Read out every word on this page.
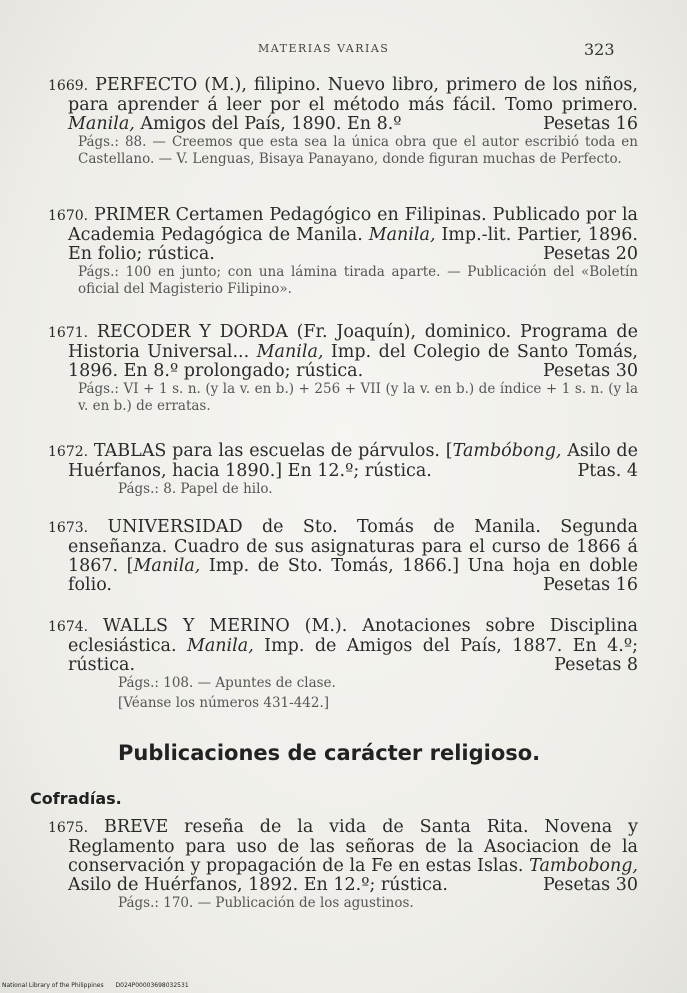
MATERIAS VARIAS	323

1669. PERFECTO (M.), filipino. Nuevo libro, primero de los niños, para aprender á leer por el método más fácil. Tomo primero. Manila, Amigos del País, 1890. En 8.º	Pesetas 16

Págs.: 88. — Creemos que esta sea la única obra que el autor escribió toda en Castellano. — V. Lenguas, Bisaya Panayano, donde figuran muchas de Perfecto.

1670. PRIMER Certamen Pedagógico en Filipinas. Publicado por la Academia Pedagógica de Manila. Manila, Imp.-lit. Partier, 1896. En folio; rústica.	Pesetas 20

Págs.: 100 en junto; con una lámina tirada aparte. — Publicación del «Boletín oficial del Magisterio Filipino».

1671. RECODER Y DORDA (Fr. Joaquín), dominico. Programa de Historia Universal... Manila, Imp. del Colegio de Santo Tomás, 1896. En 8.º prolongado; rústica.	Pesetas 30

Págs.: VI + 1 s. n. (y la v. en b.) + 256 + VII (y la v. en b.) de índice + 1 s. n. (y la v. en b.) de erratas.

1672. TABLAS para las escuelas de párvulos. [Tambóbong, Asilo de Huérfanos, hacia 1890.] En 12.º; rústica.	Ptas. 4

Págs.: 8. Papel de hilo.

1673. UNIVERSIDAD de Sto. Tomás de Manila. Segunda enseñanza. Cuadro de sus asignaturas para el curso de 1866 á 1867. [Manila, Imp. de Sto. Tomás, 1866.] Una hoja en doble folio.	Pesetas 16

1674. WALLS Y MERINO (M.). Anotaciones sobre Disciplina eclesiástica. Manila, Imp. de Amigos del País, 1887. En 4.º; rústica.	Pesetas 8

Págs.: 108. — Apuntes de clase.

[Véanse los números 431-442.]

Publicaciones de carácter religioso.
Cofradías.

1675. BREVE reseña de la vida de Santa Rita. Novena y Reglamento para uso de las señoras de la Asociacion de la conservación y propagación de la Fe en estas Islas. Tambobong, Asilo de Huérfanos, 1892. En 12.º; rústica.	Pesetas 30

Págs.: 170. — Publicación de los agustinos.

National Library of the Philippines D024P00003698032531
